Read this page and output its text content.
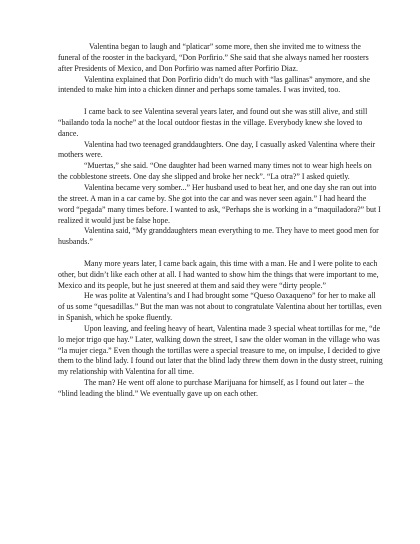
Valentina began to laugh and “platicar” some more, then she invited me to witness the funeral of the rooster in the backyard, “Don Porfirio.” She said that she always named her roosters after Presidents of Mexico, and Don Porfirio was named after Porfirio Diaz.

Valentina explained that Don Porfirio didn’t do much with “las gallinas” anymore, and she intended to make him into a chicken dinner and perhaps some tamales. I was invited, too.

I came back to see Valentina several years later, and found out she was still alive, and still “bailando toda la noche” at the local outdoor fiestas in the village. Everybody knew she loved to dance.

Valentina had two teenaged granddaughters. One day, I casually asked Valentina where their mothers were.

“Muertas,” she said. “One daughter had been warned many times not to wear high heels on the cobblestone streets. One day she slipped and broke her neck”. “La otra?” I asked quietly.

Valentina became very somber...” Her husband used to beat her, and one day she ran out into the street. A man in a car came by. She got into the car and was never seen again.” I had heard the word “pegada” many times before. I wanted to ask, “Perhaps she is working in a “maquiladora?” but I realized it would just be false hope.

Valentina said, “My granddaughters mean everything to me. They have to meet good men for husbands.”

Many more years later, I came back again, this time with a man. He and I were polite to each other, but didn’t like each other at all. I had wanted to show him the things that were important to me, Mexico and its people, but he just sneered at them and said they were “dirty people.”

He was polite at Valentina’s and I had brought some “Queso Oaxaqueno” for her to make all of us some “quesadillas.” But the man was not about to congratulate Valentina about her tortillas, even in Spanish, which he spoke fluently.

Upon leaving, and feeling heavy of heart, Valentina made 3 special wheat tortillas for me, “de lo mejor trigo que hay.” Later, walking down the street, I saw the older woman in the village who was “la mujer ciega.” Even though the tortillas were a special treasure to me, on impulse, I decided to give them to the blind lady. I found out later that the blind lady threw them down in the dusty street, ruining my relationship with Valentina for all time.

The man? He went off alone to purchase Marijuana for himself, as I found out later – the “blind leading the blind.” We eventually gave up on each other.
